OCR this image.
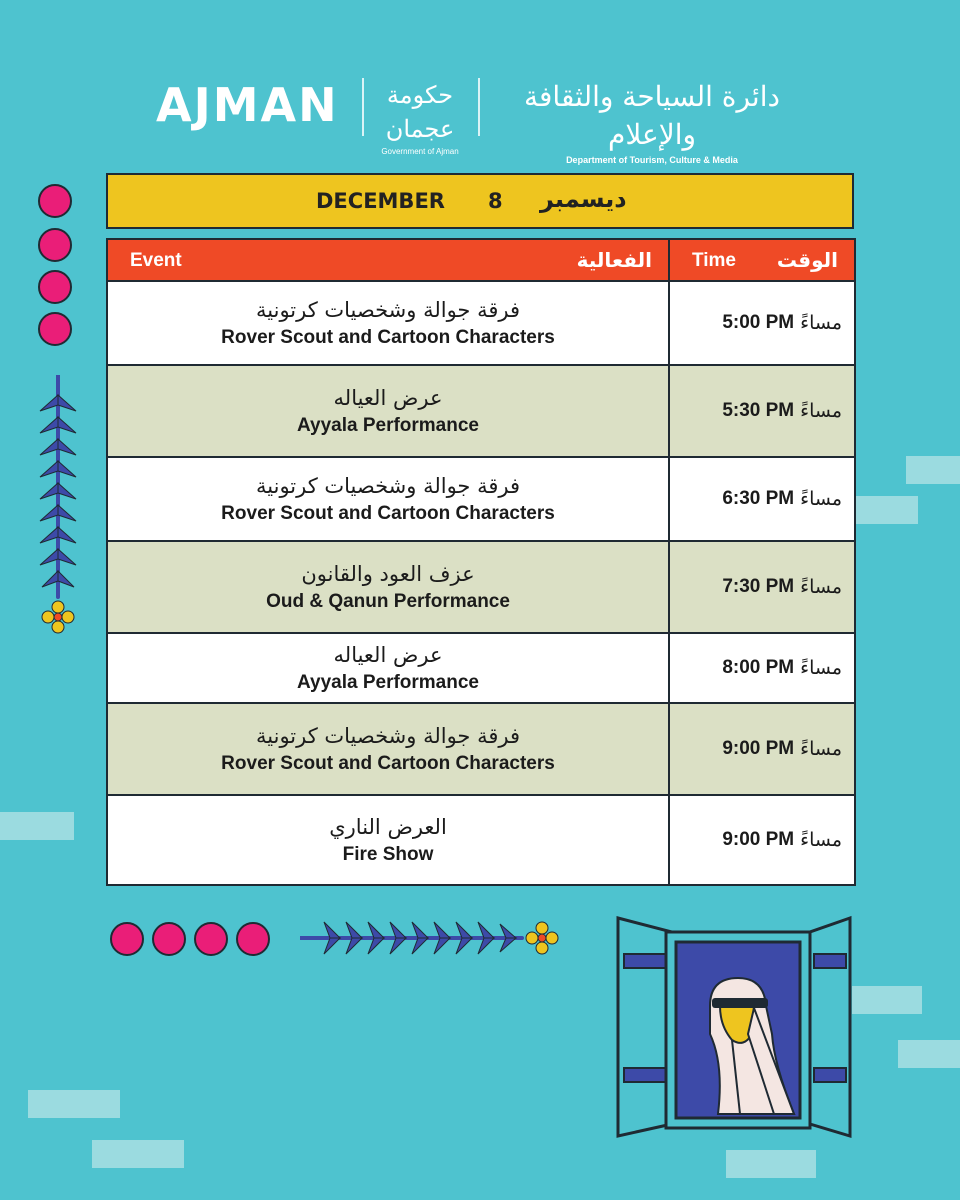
AJMAN	حكومة عجمان
Government of Ajman
دائرة السياحة والثقافة والإعلام
Department of Tourism, Culture & Media
DECEMBER 8 ديسمبر
Event	الفعالية Time الوقت
فرقة جوالة وشخصيات كرتونية
Rover Scout and Cartoon Characters
5:00 PM مساءً
عرض العياله
Ayyala Performance
5:30 PM مساءً
فرقة جوالة وشخصيات كرتونية
Rover Scout and Cartoon Characters
6:30 PM مساءً
عزف العود والقانون
Oud & Qanun Performance
7:30 PM مساءً
عرض العياله
Ayyala Performance
8:00 PM مساءً
فرقة جوالة وشخصيات كرتونية
Rover Scout and Cartoon Characters
9:00 PM مساءً
العرض الناري
Fire Show
9:00 PM مساءً
